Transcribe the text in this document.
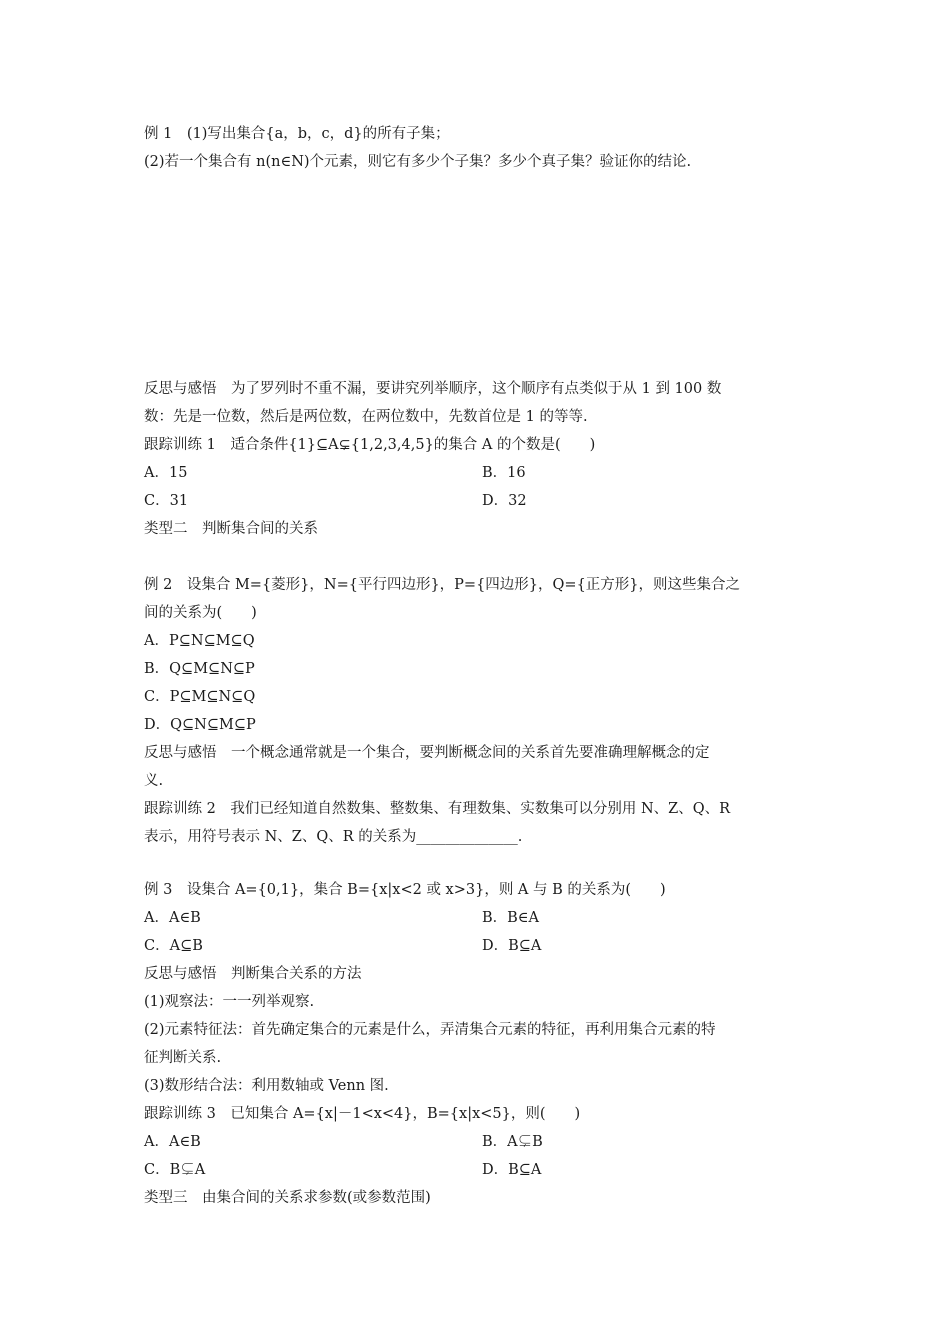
例 1　(1)写出集合{a，b，c，d}的所有子集；
(2)若一个集合有 n(n∈N)个元素，则它有多少个子集？多少个真子集？验证你的结论.
反思与感悟　为了罗列时不重不漏，要讲究列举顺序，这个顺序有点类似于从 1 到 100 数
数：先是一位数，然后是两位数，在两位数中，先数首位是 1 的等等.
跟踪训练 1　适合条件{1}⊆A⊊{1,2,3,4,5}的集合 A 的个数是(　　)
A．15	B．16
C．31	D．32
类型二　判断集合间的关系
例 2　设集合 M={菱形}，N={平行四边形}，P={四边形}，Q={正方形}，则这些集合之
间的关系为(　　)
A．P⊆N⊆M⊆Q
B．Q⊆M⊆N⊆P
C．P⊆M⊆N⊆Q
D．Q⊆N⊆M⊆P
反思与感悟　一个概念通常就是一个集合，要判断概念间的关系首先要准确理解概念的定
义.
跟踪训练 2　我们已经知道自然数集、整数集、有理数集、实数集可以分别用 N、Z、Q、R
表示，用符号表示 N、Z、Q、R 的关系为______________.
例 3　设集合 A={0,1}，集合 B={x|x<2 或 x>3}，则 A 与 B 的关系为(　　)
A．A∈B	B．B∈A
C．A⊆B	D．B⊆A
反思与感悟　判断集合关系的方法
(1)观察法：一一列举观察.
(2)元素特征法：首先确定集合的元素是什么，弄清集合元素的特征，再利用集合元素的特
征判断关系.
(3)数形结合法：利用数轴或 Venn 图.
跟踪训练 3　已知集合 A={x|－1<x<4}，B={x|x<5}，则(　　)
A．A∈B	B．A⊊B
C．B⊊A	D．B⊆A
类型三　由集合间的关系求参数(或参数范围)
